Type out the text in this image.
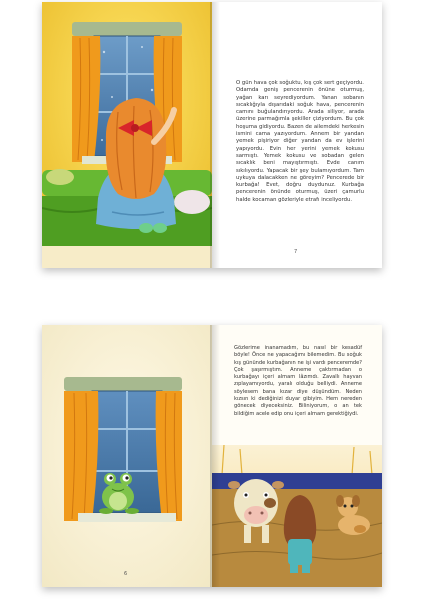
O gün hava çok soğuktu, kış çok sert geçiyordu. Odamda geniş pencerenin önüne oturmuş, yağan karı seyrediyordum. Yanan sobanın sıcaklığıyla dışarıdaki soğuk hava, pencerenin camını buğulandırıyordu. Arada siliyor, arada üzerine parmağımla şekiller çiziyordum. Bu çok hoşuma gidiyordu. Bazen de ailemdeki herkesin ismini cama yazıyordum. Annem bir yandan yemek pişiriyor diğer yandan da ev işlerini yapıyordu. Evin her yerini yemek kokusu sarmıştı. Yemek kokusu ve sobadan gelen sıcaklık beni mayıştırmıştı. Evde canım sıkılıyordu. Yapacak bir şey bulamıyordum. Tam uykuya dalacakken ne göreyim? Pencerede bir kurbağa! Evet, doğru duydunuz. Kurbağa pencerenin önünde oturmuş, üzeri çamurlu halde kocaman gözleriyle etrafı inceliyordu.
7
6
Gözlerime inanamadım, bu nasıl bir kesadüf böyle! Önce ne yapacağımı bilemedim. Bu soğuk kış gününde kurbağanın ne işi vardı penceremde? Çok şaşırmıştım. Anneme çaktırmadan o kurbağayı içeri almam lâzımdı. Zavallı hayvan zıplayamıyordu, yaralı olduğu belliydi. Anneme söylesem bana kızar diye düşündüm. Neden kızsın ki dediğinizi duyar gibiyim. Hem nereden gönecek diyeceksiniz. Biliniyorum, o an tek bildiğim acele edip onu içeri almam gerektiğiydi.
